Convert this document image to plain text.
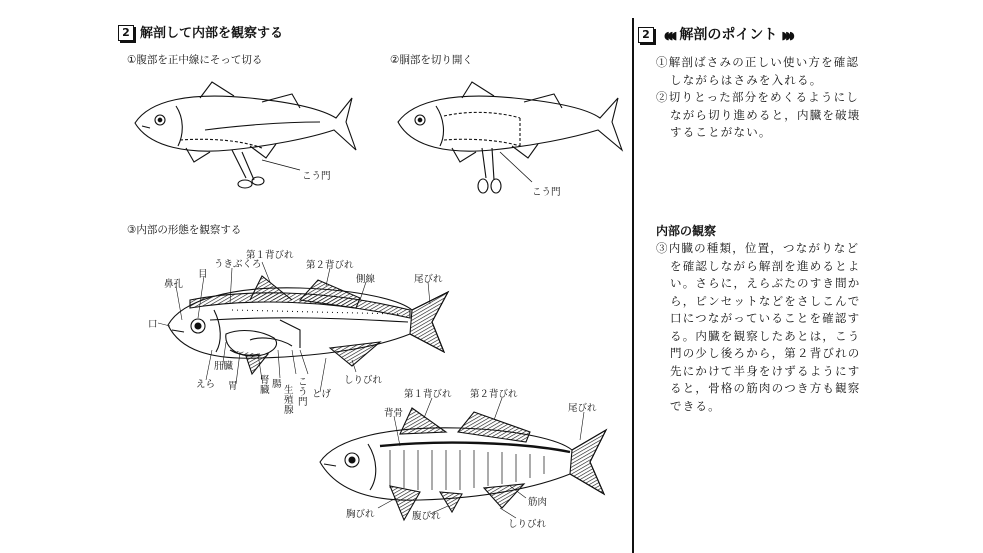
2 解剖して内部を観察する
①腹部を正中線にそって切る	②胴部を切り開く
③内部の形態を観察する
こう門
こう門
鼻孔
目
うきぶくろ
第１背びれ
第２背びれ
側線	尾びれ
口
肝臓
えら 胃
腎臓
腸
生殖腺
こう門
とげ
しりびれ
背骨
第１背びれ 第２背びれ
尾びれ
筋肉
胸びれ	腹びれ
しりびれ
2 ◖◖◖ 解剖のポイント ◗◗◗

①解剖ばさみの正しい使い方を確認しながらはさみを入れる。

②切りとった部分をめくるようにしながら切り進めると，内臓を破壊することがない。

内部の観察

③内臓の種類，位置，つながりなどを確認しながら解剖を進めるとよい。さらに，えらぶたのすき間から，ピンセットなどをさしこんで口につながっていることを確認する。内臓を観察したあとは，こう門の少し後ろから，第２背びれの先にかけて半身をけずるようにすると，骨格の筋肉のつき方も観察できる。
